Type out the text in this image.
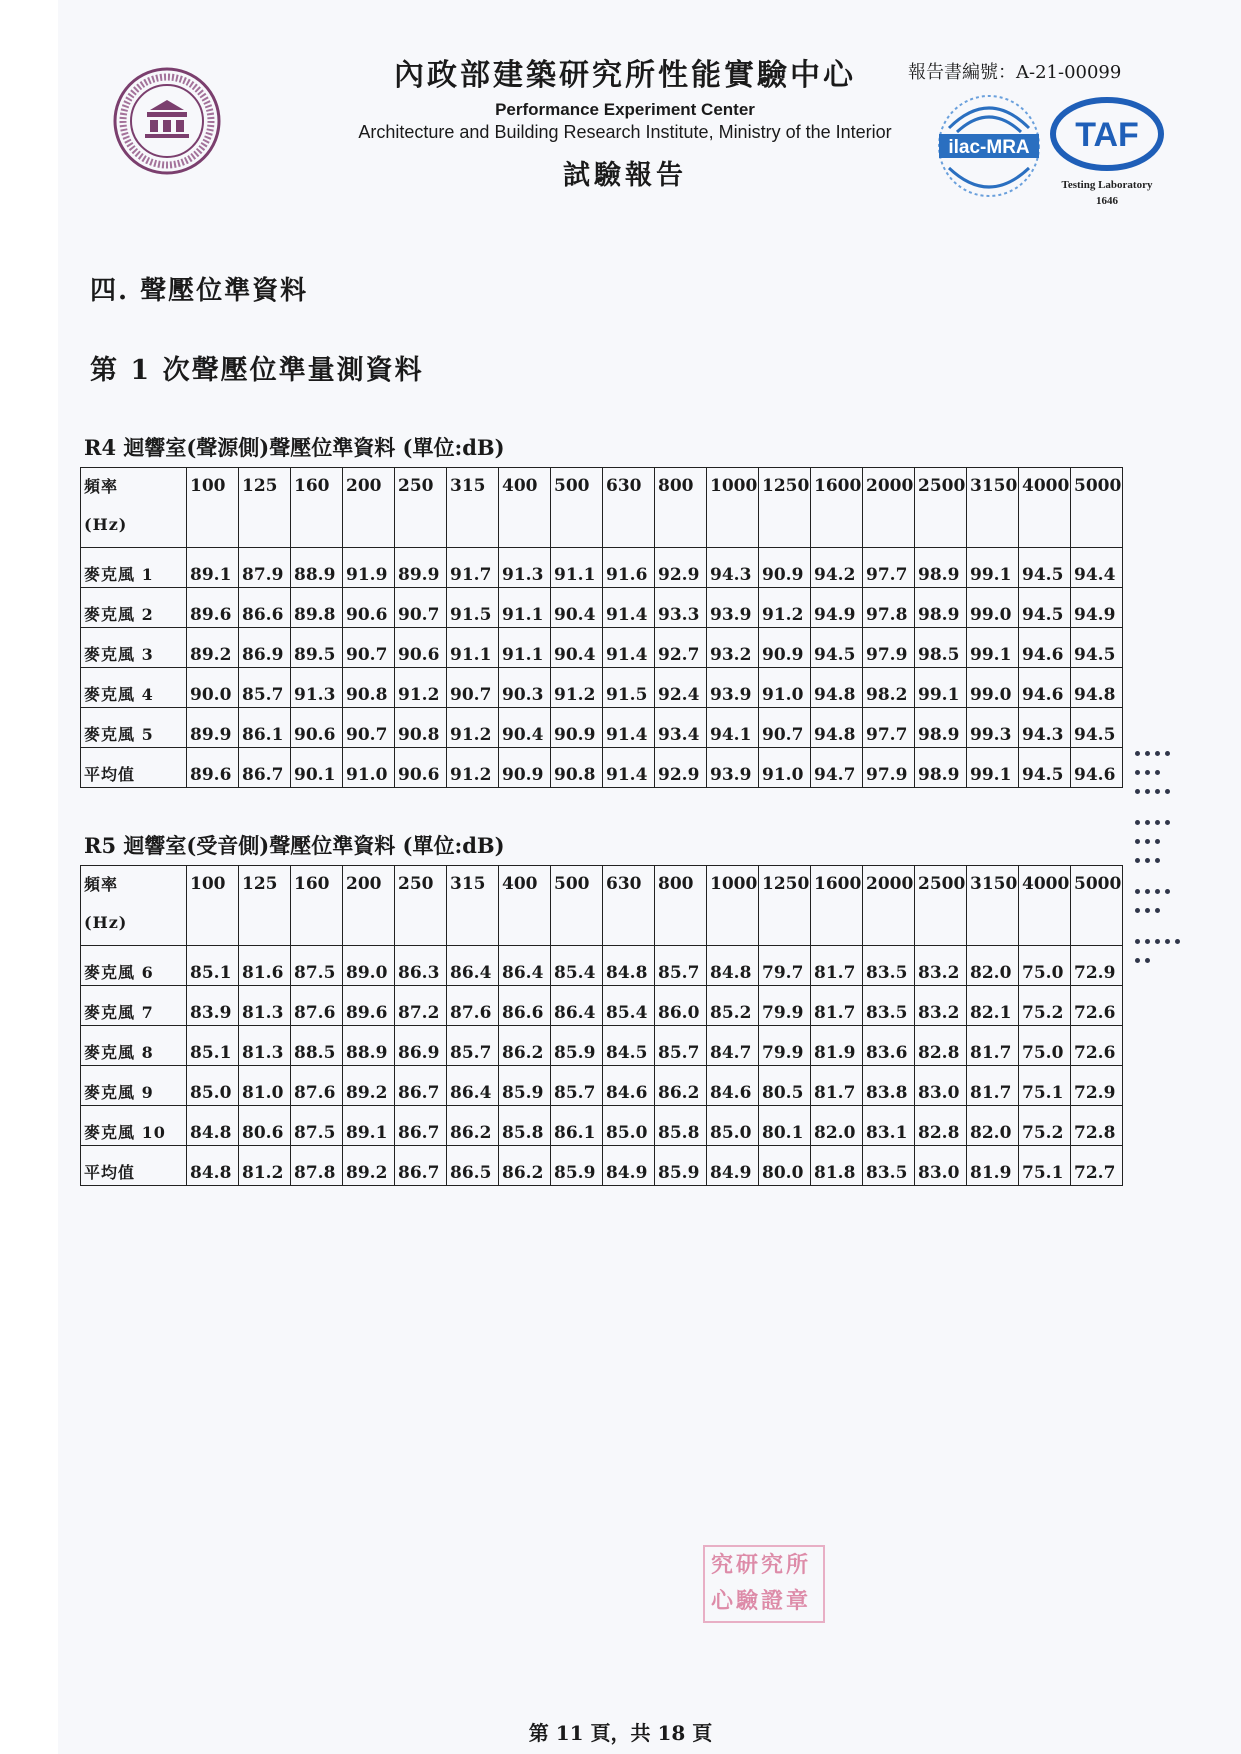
內政部建築研究所性能實驗中心
Performance Experiment Center
Architecture and Building Research Institute, Ministry of the Interior
試驗報告
報告書編號：A-21-00099
ilac-MRA TAF
Testing Laboratory
1646
四. 聲壓位準資料
第 1 次聲壓位準量測資料
R4 迴響室(聲源側)聲壓位準資料 (單位:dB)
頻率
(Hz)	100	125	160	200	250	315	400	500	630	800	1000	1250	1600	2000	2500	3150	4000	5000
麥克風 1	89.1	87.9	88.9	91.9	89.9	91.7	91.3	91.1	91.6	92.9	94.3	90.9	94.2	97.7	98.9	99.1	94.5	94.4
麥克風 2	89.6	86.6	89.8	90.6	90.7	91.5	91.1	90.4	91.4	93.3	93.9	91.2	94.9	97.8	98.9	99.0	94.5	94.9
麥克風 3	89.2	86.9	89.5	90.7	90.6	91.1	91.1	90.4	91.4	92.7	93.2	90.9	94.5	97.9	98.5	99.1	94.6	94.5
麥克風 4	90.0	85.7	91.3	90.8	91.2	90.7	90.3	91.2	91.5	92.4	93.9	91.0	94.8	98.2	99.1	99.0	94.6	94.8
麥克風 5	89.9	86.1	90.6	90.7	90.8	91.2	90.4	90.9	91.4	93.4	94.1	90.7	94.8	97.7	98.9	99.3	94.3	94.5
平均值	89.6	86.7	90.1	91.0	90.6	91.2	90.9	90.8	91.4	92.9	93.9	91.0	94.7	97.9	98.9	99.1	94.5	94.6
R5 迴響室(受音側)聲壓位準資料 (單位:dB)
頻率
(Hz)	100	125	160	200	250	315	400	500	630	800	1000	1250	1600	2000	2500	3150	4000	5000
麥克風 6	85.1	81.6	87.5	89.0	86.3	86.4	86.4	85.4	84.8	85.7	84.8	79.7	81.7	83.5	83.2	82.0	75.0	72.9
麥克風 7	83.9	81.3	87.6	89.6	87.2	87.6	86.6	86.4	85.4	86.0	85.2	79.9	81.7	83.5	83.2	82.1	75.2	72.6
麥克風 8	85.1	81.3	88.5	88.9	86.9	85.7	86.2	85.9	84.5	85.7	84.7	79.9	81.9	83.6	82.8	81.7	75.0	72.6
麥克風 9	85.0	81.0	87.6	89.2	86.7	86.4	85.9	85.7	84.6	86.2	84.6	80.5	81.7	83.8	83.0	81.7	75.1	72.9
麥克風 10	84.8	80.6	87.5	89.1	86.7	86.2	85.8	86.1	85.0	85.8	85.0	80.1	82.0	83.1	82.8	82.0	75.2	72.8
平均值	84.8	81.2	87.8	89.2	86.7	86.5	86.2	85.9	84.9	85.9	84.9	80.0	81.8	83.5	83.0	81.9	75.1	72.7

究研究所 心驗證章
第 11 頁，共 18 頁
